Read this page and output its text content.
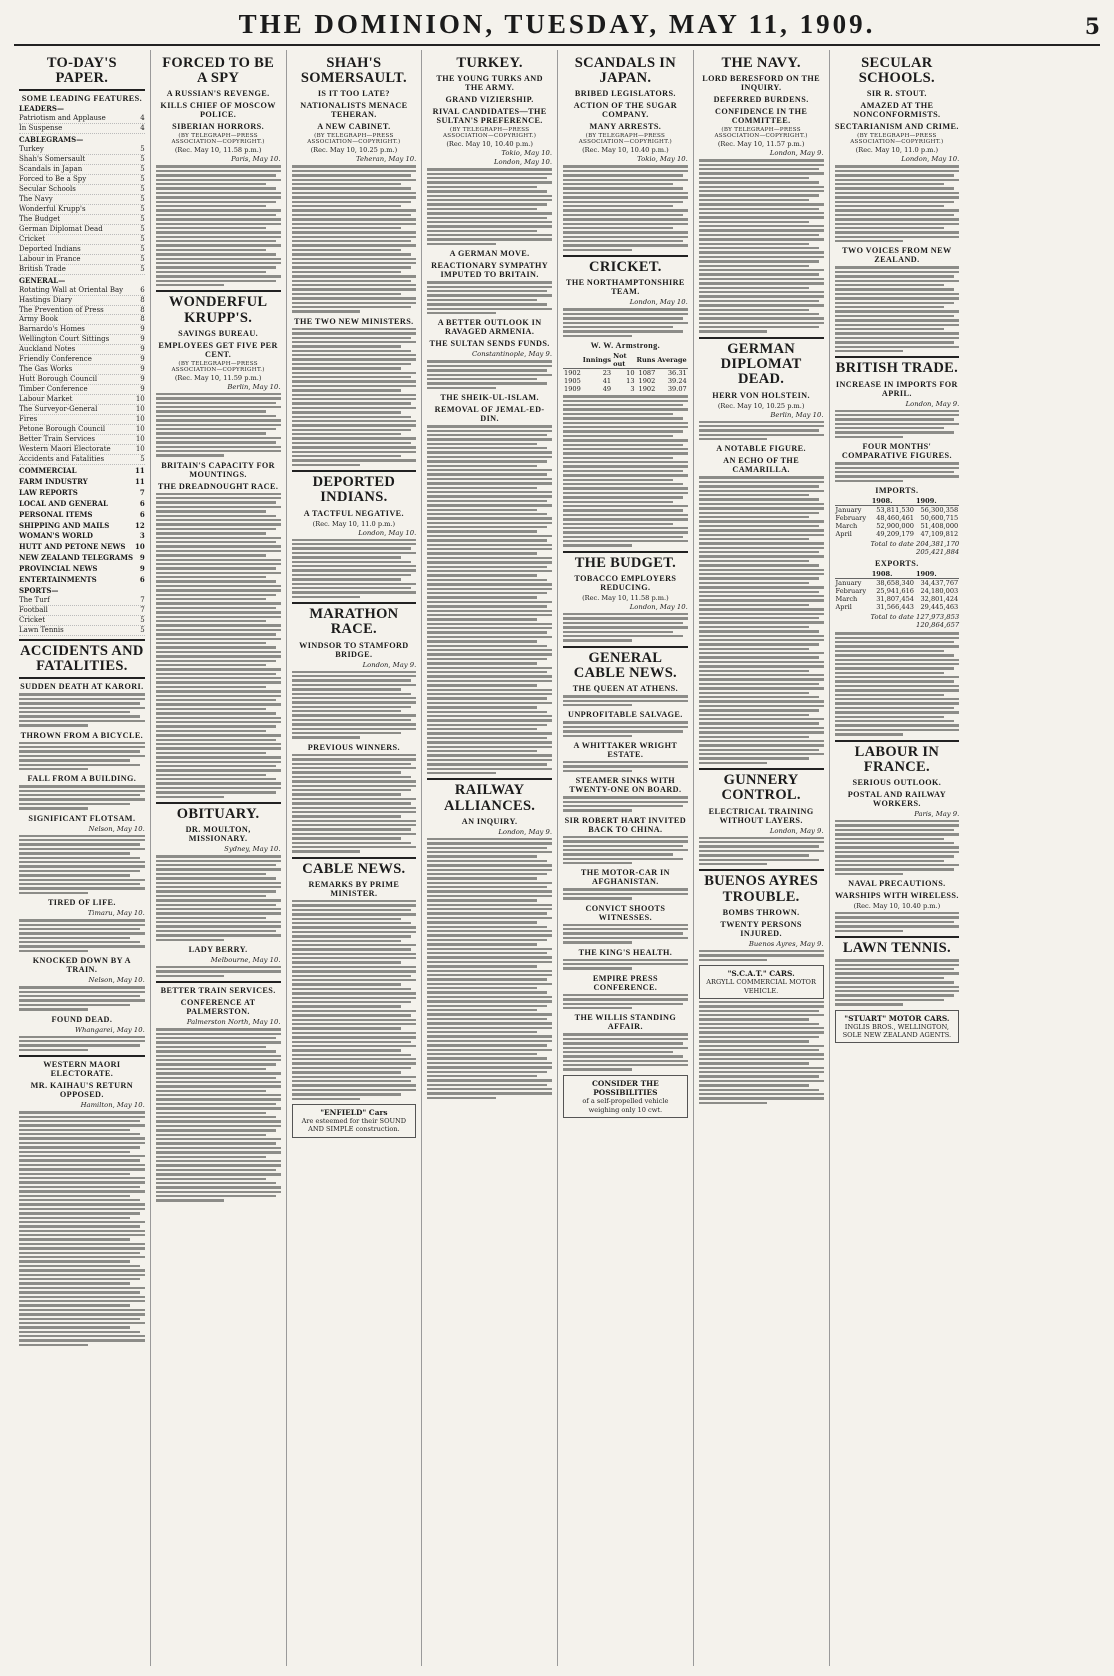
THE DOMINION, TUESDAY, MAY 11, 1909.	5
TO-DAY'S PAPER.
SOME LEADING FEATURES.
LEADERS—
Patriotism and Applause	4
In Suspense	4
CABLEGRAMS—
Turkey	5
Shah's Somersault	5
Scandals in Japan	5
Forced to Be a Spy	5
Secular Schools	5
The Navy	5
Wonderful Krupp's	5
The Budget	5
German Diplomat Dead	5
Cricket	5
Deported Indians	5
Labour in France	5
British Trade	5
GENERAL—
Rotating Wall at Oriental Bay 6
Hastings Diary	8
The Prevention of Press	8
Army Book	8
Barnardo's Homes	9
Wellington Court Sittings	9
Auckland Notes	9
Friendly Conference	9
The Gas Works	9
Hutt Borough Council	9
Timber Conference	9
Labour Market	10
The Surveyor-General	10
Fires	10
Petone Borough Council	10
Better Train Services	10
Western Maori Electorate	10
Accidents and Fatalities	5
COMMERCIAL	11
FARM INDUSTRY	11
LAW REPORTS	7
LOCAL AND GENERAL	6
PERSONAL ITEMS	6
SHIPPING AND MAILS	12
WOMAN'S WORLD	3
HUTT AND PETONE NEWS 10
NEW ZEALAND TELEGRAMS 9
PROVINCIAL NEWS	9
ENTERTAINMENTS	6
SPORTS—
The Turf	7
Football	7
Cricket	5
Lawn Tennis	5
ACCIDENTS AND FATALITIES.
SUDDEN DEATH AT KARORI.
THROWN FROM A BICYCLE.
FALL FROM A BUILDING.
SIGNIFICANT FLOTSAM.
Nelson, May 10.
TIRED OF LIFE.
Timaru, May 10.
KNOCKED DOWN BY A TRAIN.
Nelson, May 10.
FOUND DEAD.
Whangarei, May 10.
WESTERN MAORI ELECTORATE.
MR. KAIHAU'S RETURN OPPOSED.
Hamilton, May 10.
FORCED TO BE A SPY
A RUSSIAN'S REVENGE.
KILLS CHIEF OF MOSCOW POLICE.
SIBERIAN HORRORS.
(BY TELEGRAPH—PRESS ASSOCIATION—COPYRIGHT.)
(Rec. May 10, 11.58 p.m.)
Paris, May 10.
WONDERFUL KRUPP'S.
SAVINGS BUREAU.
EMPLOYEES GET FIVE PER CENT.
(BY TELEGRAPH—PRESS ASSOCIATION—COPYRIGHT.)
(Rec. May 10, 11.59 p.m.)
Berlin, May 10.
BRITAIN'S CAPACITY FOR MOUNTINGS.
THE DREADNOUGHT RACE.
OBITUARY.
DR. MOULTON, MISSIONARY.
Sydney, May 10.
LADY BERRY.
Melbourne, May 10.
BETTER TRAIN SERVICES.
CONFERENCE AT PALMERSTON.
Palmerston North, May 10.
SHAH'S SOMERSAULT.
IS IT TOO LATE?
NATIONALISTS MENACE TEHERAN.
A NEW CABINET.
(BY TELEGRAPH—PRESS ASSOCIATION—COPYRIGHT.)
(Rec. May 10, 10.25 p.m.)
Teheran, May 10.
THE TWO NEW MINISTERS.
DEPORTED INDIANS.
A TACTFUL NEGATIVE.
(Rec. May 10, 11.0 p.m.)
London, May 10.
MARATHON RACE.
WINDSOR TO STAMFORD BRIDGE.
London, May 9.
PREVIOUS WINNERS.
CABLE NEWS.
REMARKS BY PRIME MINISTER.
"ENFIELD" Cars
Are esteemed for their SOUND AND SIMPLE construction.
TURKEY.
THE YOUNG TURKS AND THE ARMY.
GRAND VIZIERSHIP.
RIVAL CANDIDATES—THE SULTAN'S PREFERENCE.
(BY TELEGRAPH—PRESS ASSOCIATION—COPYRIGHT.)
(Rec. May 10, 10.40 p.m.)
Tokio, May 10.
London, May 10.
A GERMAN MOVE.
REACTIONARY SYMPATHY IMPUTED TO BRITAIN.
A BETTER OUTLOOK IN RAVAGED ARMENIA.
THE SULTAN SENDS FUNDS.
Constantinople, May 9.
THE SHEIK-UL-ISLAM.
REMOVAL OF JEMAL-ED-DIN.
RAILWAY ALLIANCES.
AN INQUIRY.
London, May 9.
SCANDALS IN JAPAN.
BRIBED LEGISLATORS.
ACTION OF THE SUGAR COMPANY.
MANY ARRESTS.
(BY TELEGRAPH—PRESS ASSOCIATION—COPYRIGHT.)
(Rec. May 10, 10.40 p.m.)
Tokio, May 10.
CRICKET.
THE NORTHAMPTONSHIRE TEAM.
London, May 10.
W. W. Armstrong.
	Innings	Not out	Runs	Average
1902	23	10	1087	36.31
1905	41	13	1902	39.24
1909	49	3	1902	39.07
THE BUDGET.
TOBACCO EMPLOYERS REDUCING.
(Rec. May 10, 11.58 p.m.)
London, May 10.
GENERAL CABLE NEWS.
THE QUEEN AT ATHENS.
UNPROFITABLE SALVAGE.
A WHITTAKER WRIGHT ESTATE.
STEAMER SINKS WITH TWENTY-ONE ON BOARD.
SIR ROBERT HART INVITED BACK TO CHINA.
THE MOTOR-CAR IN AFGHANISTAN.
CONVICT SHOOTS WITNESSES.
THE KING'S HEALTH.
EMPIRE PRESS CONFERENCE.
THE WILLIS STANDING AFFAIR.
CONSIDER THE POSSIBILITIES
of a self-propelled vehicle weighing only 10 cwt.
THE NAVY.
LORD BERESFORD ON THE INQUIRY.
DEFERRED BURDENS.
CONFIDENCE IN THE COMMITTEE.
(BY TELEGRAPH—PRESS ASSOCIATION—COPYRIGHT.)
(Rec. May 10, 11.57 p.m.)
London, May 9.
GERMAN DIPLOMAT DEAD.
HERR VON HOLSTEIN.
(Rec. May 10, 10.25 p.m.)
Berlin, May 10.
A NOTABLE FIGURE.
AN ECHO OF THE CAMARILLA.
GUNNERY CONTROL.
ELECTRICAL TRAINING WITHOUT LAYERS.
London, May 9.
BUENOS AYRES TROUBLE.
BOMBS THROWN.
TWENTY PERSONS INJURED.
Buenos Ayres, May 9.
"S.C.A.T." CARS.
ARGYLL COMMERCIAL MOTOR VEHICLE.
SECULAR SCHOOLS.
SIR R. STOUT.
AMAZED AT THE NONCONFORMISTS.
SECTARIANISM AND CRIME.
(BY TELEGRAPH—PRESS ASSOCIATION—COPYRIGHT.)
(Rec. May 10, 11.0 p.m.)
London, May 10.
TWO VOICES FROM NEW ZEALAND.
BRITISH TRADE.
INCREASE IN IMPORTS FOR APRIL.
London, May 9.
FOUR MONTHS' COMPARATIVE FIGURES.
IMPORTS.
	1908.	1909.
January	53,811,530	56,300,358
February	48,460,461	50,600,715
March	52,900,000	51,408,000
April	49,209,179	47,109,812
Total to date 204,381,170 205,421,884
EXPORTS.
	1908.	1909.
January	38,658,340	34,437,767
February	25,941,616	24,180,003
March	31,807,454	32,801,424
April	31,566,443	29,445,463
Total to date 127,973,853 120,864,657
LABOUR IN FRANCE.
SERIOUS OUTLOOK.
POSTAL AND RAILWAY WORKERS.
Paris, May 9.
NAVAL PRECAUTIONS.
WARSHIPS WITH WIRELESS.
(Rec. May 10, 10.40 p.m.)
LAWN TENNIS.
"STUART" MOTOR CARS.
INGLIS BROS., WELLINGTON, SOLE NEW ZEALAND AGENTS.
